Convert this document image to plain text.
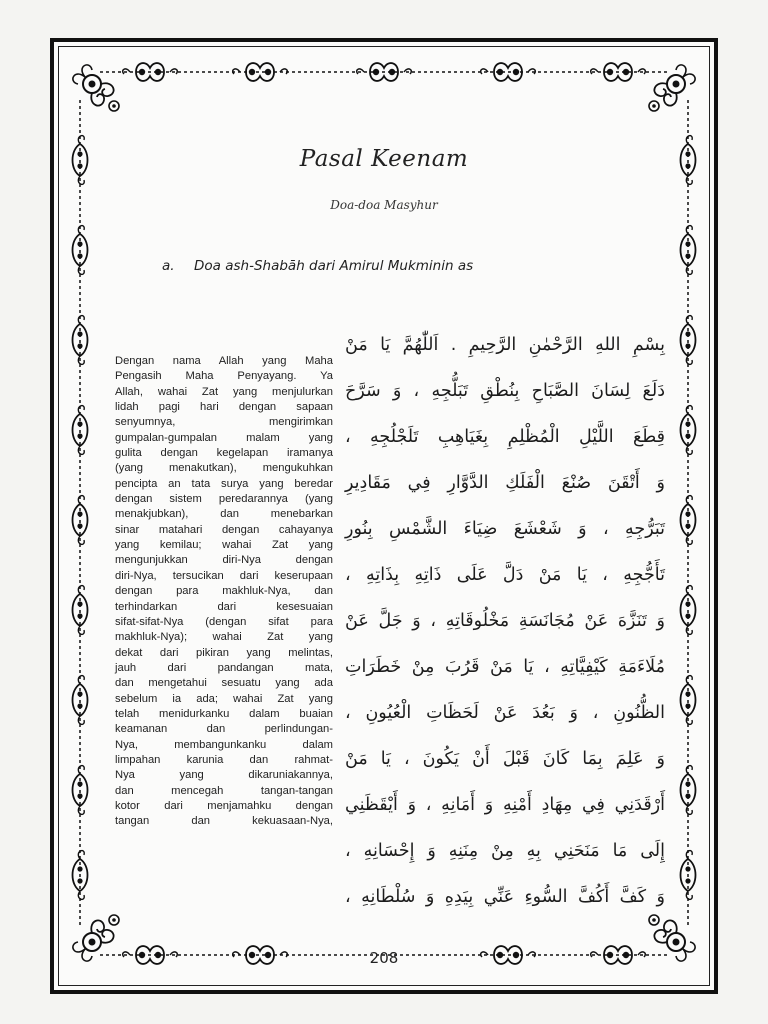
Pasal Keenam
Doa-doa Masyhur
a. Doa ash-Shabāh dari Amirul Mukminin as
Dengan nama Allah yang Maha
Pengasih Maha Penyayang. Ya
Allah, wahai Zat yang menjulurkan
lidah pagi hari dengan sapaan
senyumnya, mengirimkan
gumpalan-gumpalan malam yang
gulita dengan kegelapan iramanya
(yang menakutkan), mengukuhkan
pencipta an tata surya yang beredar
dengan sistem peredarannya (yang
menakjubkan), dan menebarkan
sinar matahari dengan cahayanya
yang kemilau; wahai Zat yang
mengunjukkan diri-Nya dengan
diri-Nya, tersucikan dari keserupaan
dengan para makhluk-Nya, dan
terhindarkan dari kesesuaian
sifat-sifat-Nya (dengan sifat para
makhluk-Nya); wahai Zat yang
dekat dari pikiran yang melintas,
jauh dari pandangan mata,
dan mengetahui sesuatu yang ada
sebelum ia ada; wahai Zat yang
telah menidurkanku dalam buaian
keamanan dan perlindungan-
Nya, membangunkanku dalam
limpahan karunia dan rahmat-
Nya yang dikaruniakannya,
dan mencegah tangan-tangan
kotor dari menjamahku dengan
tangan dan kekuasaan-Nya,
بِسْمِ اللهِ الرَّحْمٰنِ الرَّحِيمِ . اَللّٰهُمَّ يَا مَنْ
دَلَعَ لِسَانَ الصَّبَاحِ بِنُطْقِ تَبَلُّجِهِ ، وَ سَرَّحَ
قِطَعَ اللَّيْلِ الْمُظْلِمِ بِغَيَاهِبِ تَلَجْلُجِهِ ،
وَ أَتْقَنَ صُنْعَ الْفَلَكِ الدَّوَّارِ فِي مَقَادِيرِ
تَبَرُّجِهِ ، وَ شَعْشَعَ ضِيَاءَ الشَّمْسِ بِنُورِ
تَأَجُّجِهِ ، يَا مَنْ دَلَّ عَلَى ذَاتِهِ بِذَاتِهِ ،
وَ تَنَزَّهَ عَنْ مُجَانَسَةِ مَخْلُوقَاتِهِ ، وَ جَلَّ عَنْ
مُلَاءَمَةِ كَيْفِيَّاتِهِ ، يَا مَنْ قَرُبَ مِنْ خَطَرَاتِ
الظُّنُونِ ، وَ بَعُدَ عَنْ لَحَظَاتِ الْعُيُونِ ،
وَ عَلِمَ بِمَا كَانَ قَبْلَ أَنْ يَكُونَ ، يَا مَنْ
أَرْقَدَنِي فِي مِهَادِ أَمْنِهِ وَ أَمَانِهِ ، وَ أَيْقَظَنِي
إِلَى مَا مَنَحَنِي بِهِ مِنْ مِنَنِهِ وَ إِحْسَانِهِ ،
وَ كَفَّ أَكُفَّ السُّوءِ عَنِّي بِيَدِهِ وَ سُلْطَانِهِ ،
208
